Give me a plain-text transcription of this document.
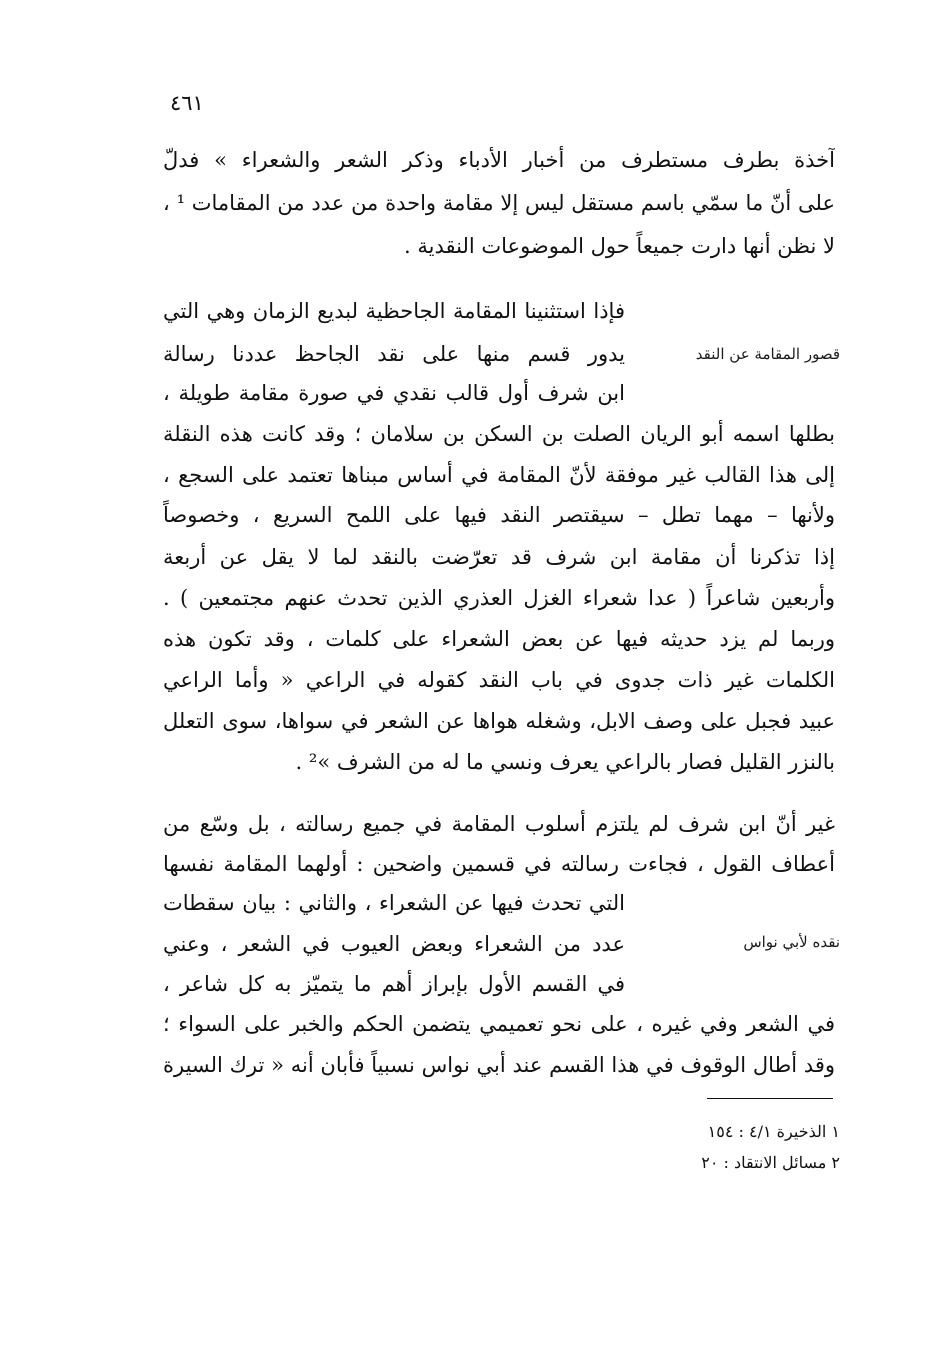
٤٦١
آخذة بطرف مستطرف من أخبار الأدباء وذكر الشعر والشعراء » فدلّ
على أنّ ما سمّي باسم مستقل ليس إلا مقامة واحدة من عدد من المقامات ¹ ،
لا نظن أنها دارت جميعاً حول الموضوعات النقدية .
فإذا استثنينا المقامة الجاحظية لبديع الزمان وهي التي
يدور قسم منها على نقد الجاحظ عددنا رسالة
ابن شرف أول قالب نقدي في صورة مقامة طويلة ،
بطلها اسمه أبو الريان الصلت بن السكن بن سلامان ؛ وقد كانت هذه النقلة
إلى هذا القالب غير موفقة لأنّ المقامة في أساس مبناها تعتمد على السجع ،
ولأنها – مهما تطل – سيقتصر النقد فيها على اللمح السريع ، وخصوصاً
إذا تذكرنا أن مقامة ابن شرف قد تعرّضت بالنقد لما لا يقل عن أربعة
وأربعين شاعراً ( عدا شعراء الغزل العذري الذين تحدث عنهم مجتمعين ) .
وربما لم يزد حديثه فيها عن بعض الشعراء على كلمات ، وقد تكون هذه
الكلمات غير ذات جدوى في باب النقد كقوله في الراعي « وأما الراعي
عبيد فجبل على وصف الابل، وشغله هواها عن الشعر في سواها، سوى التعلل
بالنزر القليل فصار بالراعي يعرف ونسي ما له من الشرف »² .
غير أنّ ابن شرف لم يلتزم أسلوب المقامة في جميع رسالته ، بل وسّع من
أعطاف القول ، فجاءت رسالته في قسمين واضحين : أولهما المقامة نفسها
التي تحدث فيها عن الشعراء ، والثاني : بيان سقطات
عدد من الشعراء وبعض العيوب في الشعر ، وعني
في القسم الأول بإبراز أهم ما يتميّز به كل شاعر ،
في الشعر وفي غيره ، على نحو تعميمي يتضمن الحكم والخبر على السواء ؛
وقد أطال الوقوف في هذا القسم عند أبي نواس نسبياً فأبان أنه « ترك السيرة
قصور المقامة عن النقد
نقده لأبي نواس
١ الذخيرة ٤/١ : ١٥٤
٢ مسائل الانتقاد : ٢٠
